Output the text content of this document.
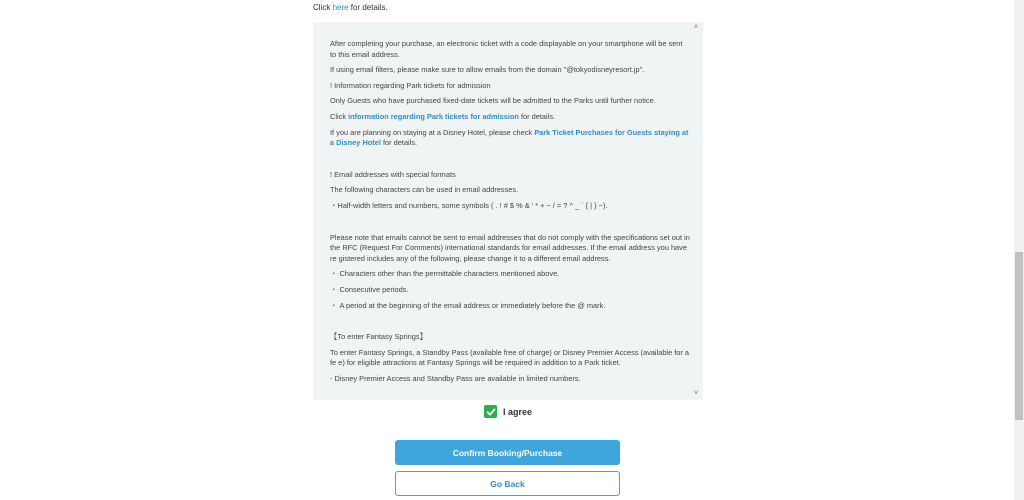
Click here for details.

After completing your purchase, an electronic ticket with a code displayable on your smartphone will be sent to this email address.

If using email filters, please make sure to allow emails from the domain "@tokyodisneyresort.jp".

! Information regarding Park tickets for admission

Only Guests who have purchased fixed-date tickets will be admitted to the Parks until further notice.

Click information regarding Park tickets for admission for details.

If you are planning on staying at a Disney Hotel, please check Park Ticket Purchases for Guests staying at a Disney Hotel for details.

! Email addresses with special formats

The following characters can be used in email addresses.

・Half-width letters and numbers, some symbols ( . ! # $ % & ' * + − / = ? ^ _ ` { | } ~).

Please note that emails cannot be sent to email addresses that do not comply with the specifications set out in the RFC (Request For Comments) international standards for email addresses. If the email address you have re gistered includes any of the following, please change it to a different email address.

・ Characters other than the permittable characters mentioned above.

・ Consecutive periods.

・ A period at the beginning of the email address or immediately before the @ mark.

【To enter Fantasy Springs】

To enter Fantasy Springs, a Standby Pass (available free of charge) or Disney Premier Access (available for a fe e) for eligible attractions at Fantasy Springs will be required in addition to a Park ticket.

- Disney Premier Access and Standby Pass are available in limited numbers.

˄
˅
I agree
Confirm Booking/Purchase
Go Back
